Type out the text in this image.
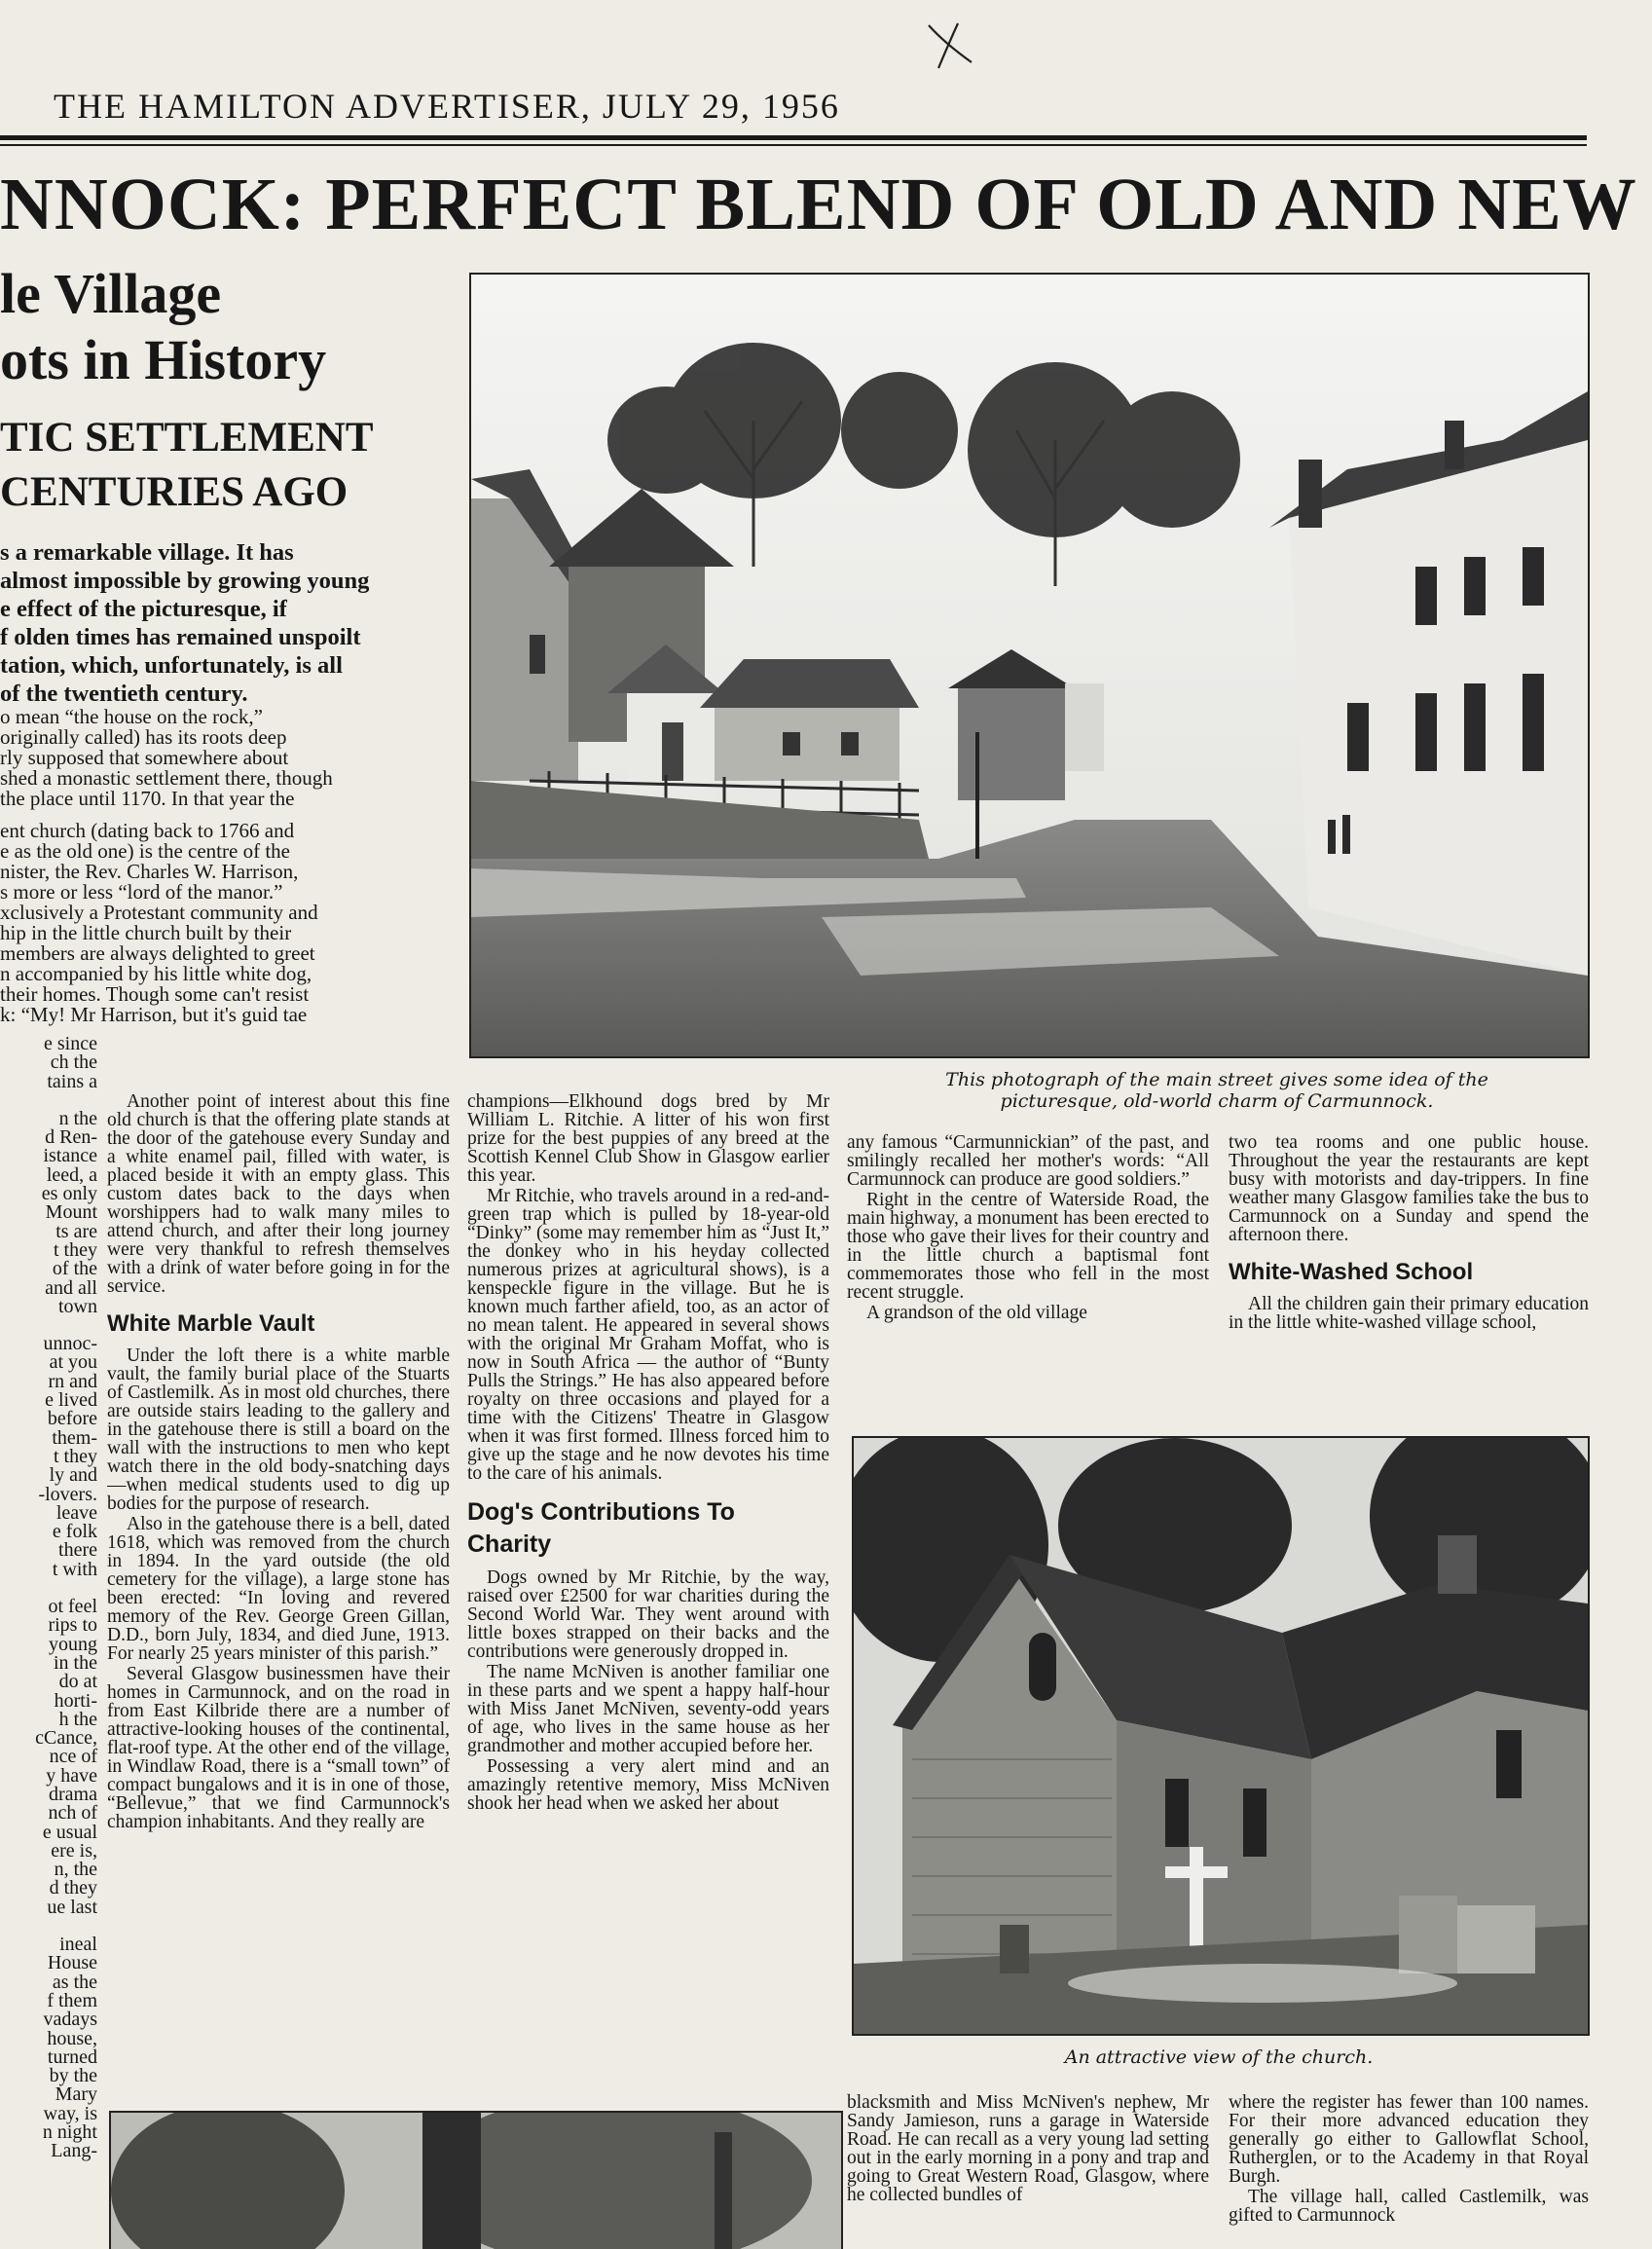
THE HAMILTON ADVERTISER, JULY 29, 1956
NNOCK: PERFECT BLEND OF OLD AND NEW
le Village
ots in History
TIC SETTLEMENT
CENTURIES AGO
s a remarkable village. It has
almost impossible by growing young
e effect of the picturesque, if
f olden times has remained unspoilt
tation, which, unfortunately, is all
of the twentieth century.
o mean “the house on the rock,”
originally called) has its roots deep
rly supposed that somewhere about
shed a monastic settlement there, though
the place until 1170. In that year the
ent church (dating back to 1766 and
e as the old one) is the centre of the
nister, the Rev. Charles W. Harrison,
s more or less “lord of the manor.”
xclusively a Protestant community and
hip in the little church built by their
members are always delighted to greet
n accompanied by his little white dog,
their homes. Though some can't resist
k: “My! Mr Harrison, but it's guid tae
e since
ch the
tains a
n the
d Ren-
istance
leed, a
es only
Mount
ts are
t they
of the
and all
town
unnoc-
at you
rn and
e lived
before
them-
t they
ly and
-lovers.
leave
e folk
there
t with
ot feel
rips to
young
in the
do at
horti-
h the
cCance,
nce of
y have
drama
nch of
e usual
ere is,
n, the
d they
ue last
ineal
House
as the
f them
vadays
house,
turned
by the
Mary
way, is
n night
Lang-
This photograph of the main street gives some idea of the
picturesque, old-world charm of Carmunnock.

Another point of interest about this fine old church is that the offering plate stands at the door of the gatehouse every Sunday and a white enamel pail, filled with water, is placed beside it with an empty glass. This custom dates back to the days when worshippers had to walk many miles to attend church, and after their long journey were very thankful to refresh themselves with a drink of water before going in for the service.

White Marble Vault

Under the loft there is a white marble vault, the family burial place of the Stuarts of Castlemilk. As in most old churches, there are outside stairs leading to the gallery and in the gatehouse there is still a board on the wall with the instructions to men who kept watch there in the old body-snatching days—when medical students used to dig up bodies for the purpose of research.

Also in the gatehouse there is a bell, dated 1618, which was removed from the church in 1894. In the yard outside (the old cemetery for the village), a large stone has been erected: “In loving and revered memory of the Rev. George Green Gillan, D.D., born July, 1834, and died June, 1913. For nearly 25 years minister of this parish.”

Several Glasgow businessmen have their homes in Carmunnock, and on the road in from East Kilbride there are a number of attractive-looking houses of the continental, flat-roof type. At the other end of the village, in Windlaw Road, there is a “small town” of compact bungalows and it is in one of those, “Bellevue,” that we find Carmunnock's champion inhabitants. And they really are

champions—Elkhound dogs bred by Mr William L. Ritchie. A litter of his won first prize for the best puppies of any breed at the Scottish Kennel Club Show in Glasgow earlier this year.

Mr Ritchie, who travels around in a red-and-green trap which is pulled by 18-year-old “Dinky” (some may remember him as “Just It,” the donkey who in his heyday collected numerous prizes at agricultural shows), is a kenspeckle figure in the village. But he is known much farther afield, too, as an actor of no mean talent. He appeared in several shows with the original Mr Graham Moffat, who is now in South Africa — the author of “Bunty Pulls the Strings.” He has also appeared before royalty on three occasions and played for a time with the Citizens' Theatre in Glasgow when it was first formed. Illness forced him to give up the stage and he now devotes his time to the care of his animals.

Dog's Contributions To
Charity

Dogs owned by Mr Ritchie, by the way, raised over £2500 for war charities during the Second World War. They went around with little boxes strapped on their backs and the contributions were generously dropped in.

The name McNiven is another familiar one in these parts and we spent a happy half-hour with Miss Janet McNiven, seventy-odd years of age, who lives in the same house as her grandmother and mother accupied before her.

Possessing a very alert mind and an amazingly retentive memory, Miss McNiven shook her head when we asked her about

any famous “Carmunnickian” of the past, and smilingly recalled her mother's words: “All Carmunnock can produce are good soldiers.”

Right in the centre of Waterside Road, the main highway, a monument has been erected to those who gave their lives for their country and in the little church a baptismal font commemorates those who fell in the most recent struggle.

A grandson of the old village

two tea rooms and one public house. Throughout the year the restaurants are kept busy with motorists and day-trippers. In fine weather many Glasgow families take the bus to Carmunnock on a Sunday and spend the afternoon there.

White-Washed School

All the children gain their primary education in the little white-washed village school,

An attractive view of the church.

blacksmith and Miss McNiven's nephew, Mr Sandy Jamieson, runs a garage in Waterside Road. He can recall as a very young lad setting out in the early morning in a pony and trap and going to Great Western Road, Glasgow, where he collected bundles of

where the register has fewer than 100 names. For their more advanced education they generally go either to Gallowflat School, Rutherglen, or to the Academy in that Royal Burgh.

The village hall, called Castlemilk, was gifted to Carmunnock
